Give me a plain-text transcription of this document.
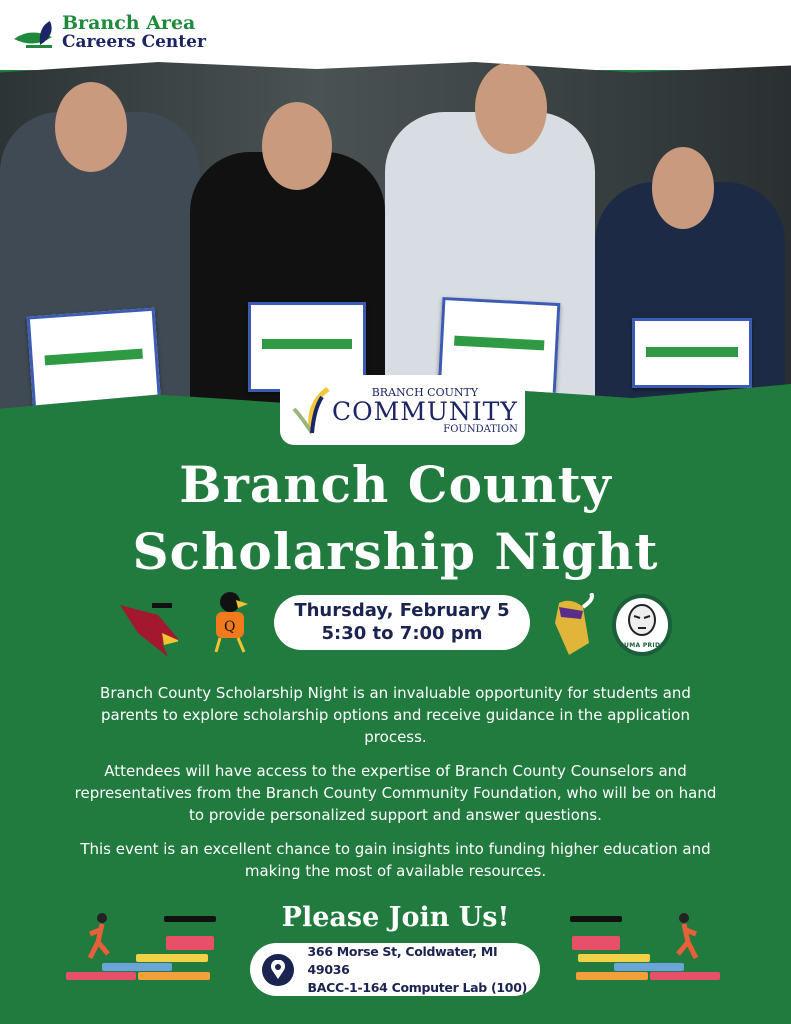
Branch Area
Careers Center
BRANCH COUNTY
COMMUNITY
FOUNDATION
Branch County
Scholarship Night
Q
Thursday, February 5
5:30 to 7:00 pm
PUMA PRIDE

Branch County Scholarship Night is an invaluable opportunity for students and parents to explore scholarship options and receive guidance in the application process.

Attendees will have access to the expertise of Branch County Counselors and representatives from the Branch County Community Foundation, who will be on hand to provide personalized support and answer questions.

This event is an excellent chance to gain insights into funding higher education and making the most of available resources.

Please Join Us!
366 Morse St, Coldwater, MI 49036
BACC-1-164 Computer Lab (100)
